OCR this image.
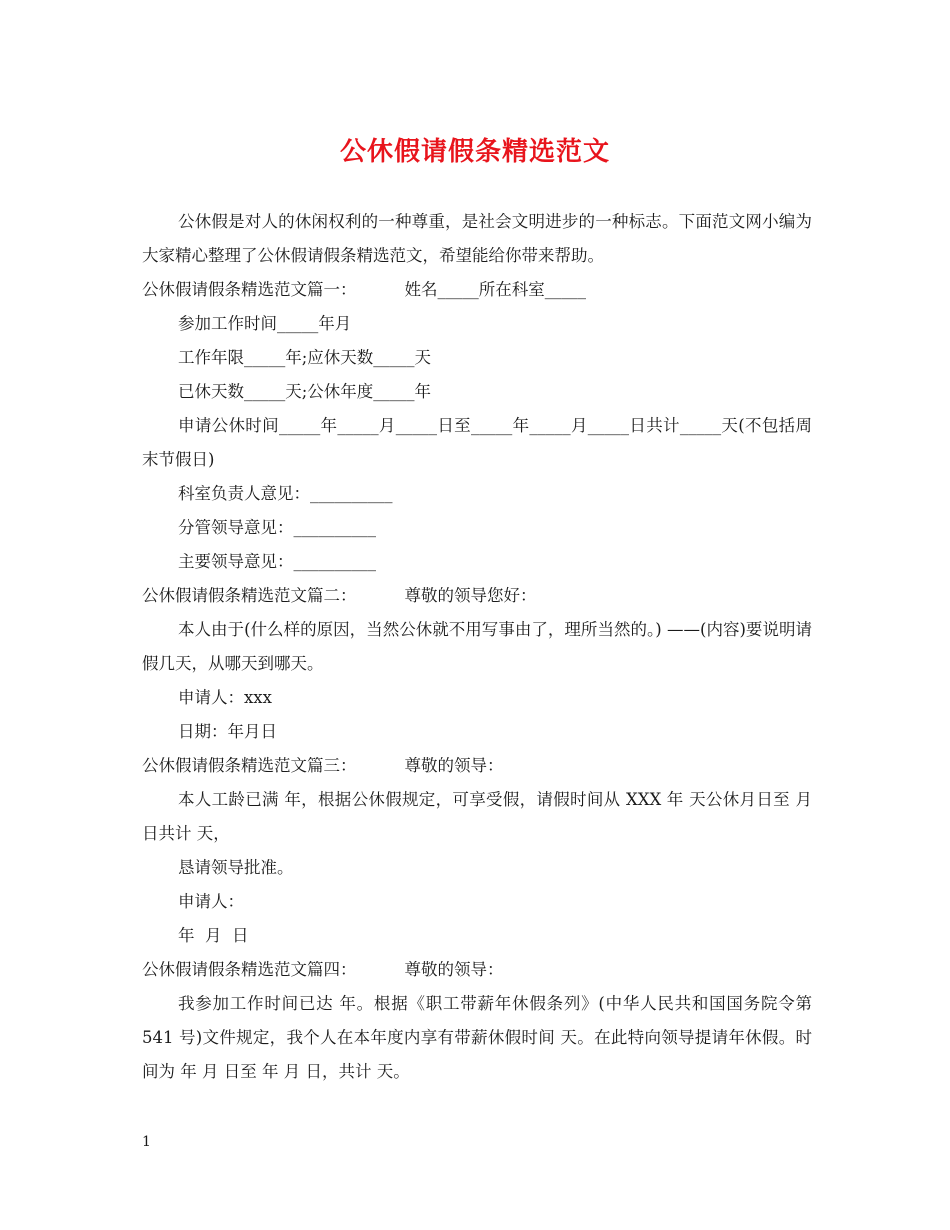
公休假请假条精选范文
公休假是对人的休闲权利的一种尊重，是社会文明进步的一种标志。下面范文网小编为大家精心整理了公休假请假条精选范文，希望能给你带来帮助。
公休假请假条精选范文篇一：	姓名_____所在科室_____
参加工作时间_____年月
工作年限_____年;应休天数_____天
已休天数_____天;公休年度_____年
申请公休时间_____年_____月_____日至_____年_____月_____日共计_____天(不包括周末节假日)
科室负责人意见：__________
分管领导意见：__________
主要领导意见：__________
公休假请假条精选范文篇二：	尊敬的领导您好：
本人由于(什么样的原因，当然公休就不用写事由了，理所当然的。) ——(内容)要说明请假几天，从哪天到哪天。
申请人：xxx
日期：年月日
公休假请假条精选范文篇三：	尊敬的领导：
本人工龄已满 年，根据公休假规定，可享受假，请假时间从 XXX 年 天公休月日至 月 日共计 天，
恳请领导批准。
申请人：
年  月  日
公休假请假条精选范文篇四：	尊敬的领导：
我参加工作时间已达 年。根据《职工带薪年休假条列》(中华人民共和国国务院令第 541 号)文件规定，我个人在本年度内享有带薪休假时间 天。在此特向领导提请年休假。时间为 年 月 日至 年 月 日，共计 天。
1
